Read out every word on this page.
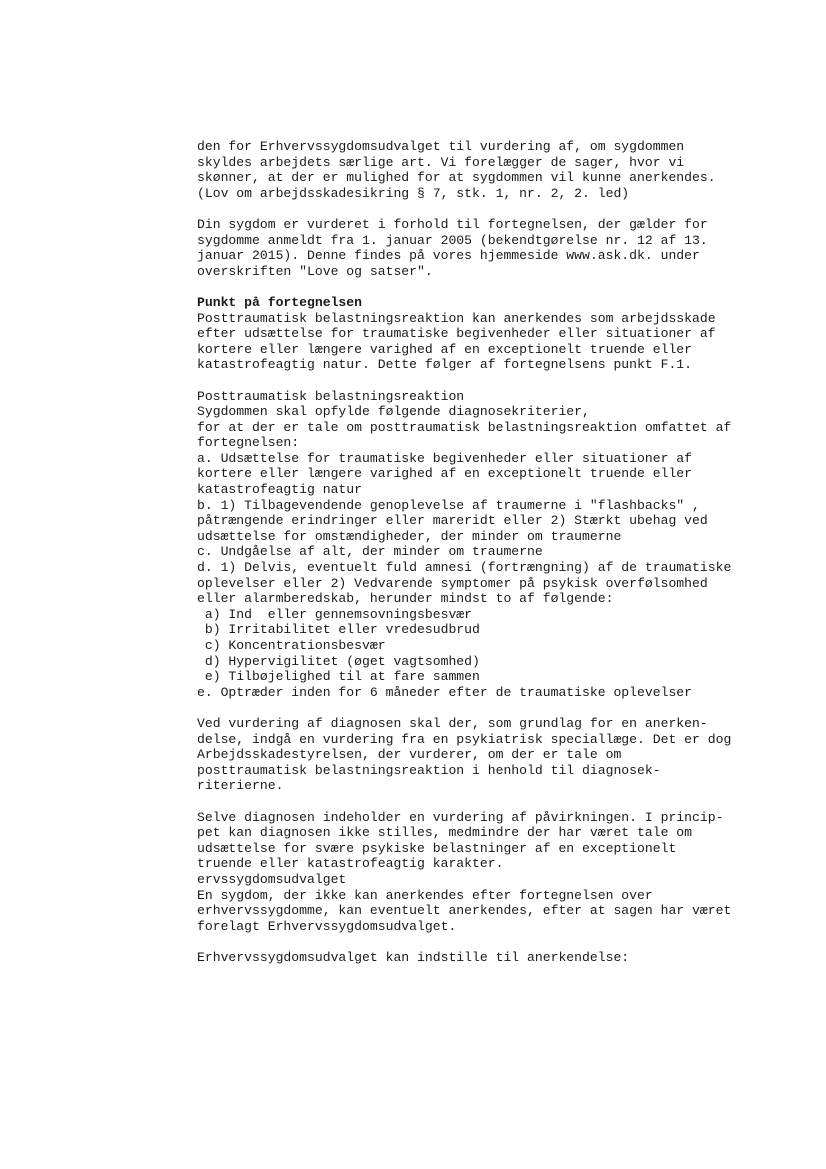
den for Erhvervssygdomsudvalget til vurdering af, om sygdommen
skyldes arbejdets særlige art. Vi forelægger de sager, hvor vi
skønner, at der er mulighed for at sygdommen vil kunne anerkendes.
(Lov om arbejdsskadesikring § 7, stk. 1, nr. 2, 2. led)
Din sygdom er vurderet i forhold til fortegnelsen, der gælder for
sygdomme anmeldt fra 1. januar 2005 (bekendtgørelse nr. 12 af 13.
januar 2015). Denne findes på vores hjemmeside www.ask.dk. under
overskriften "Love og satser".
Punkt på fortegnelsen
Posttraumatisk belastningsreaktion kan anerkendes som arbejdsskade
efter udsættelse for traumatiske begivenheder eller situationer af
kortere eller længere varighed af en exceptionelt truende eller
katastrofeagtig natur. Dette følger af fortegnelsens punkt F.1.
Posttraumatisk belastningsreaktion
Sygdommen skal opfylde følgende diagnosekriterier,
for at der er tale om posttraumatisk belastningsreaktion omfattet af
fortegnelsen:
a. Udsættelse for traumatiske begivenheder eller situationer af
kortere eller længere varighed af en exceptionelt truende eller
katastrofeagtig natur
b. 1) Tilbagevendende genoplevelse af traumerne i "flashbacks" ,
påtrængende erindringer eller mareridt eller 2) Stærkt ubehag ved
udsættelse for omstændigheder, der minder om traumerne
c. Undgåelse af alt, der minder om traumerne
d. 1) Delvis, eventuelt fuld amnesi (fortrængning) af de traumatiske
oplevelser eller 2) Vedvarende symptomer på psykisk overfølsomhed
eller alarmberedskab, herunder mindst to af følgende:
a) Ind  eller gennemsovningsbesvær
b) Irritabilitet eller vredesudbrud
c) Koncentrationsbesvær
d) Hypervigilitet (øget vagtsomhed)
e) Tilbøjelighed til at fare sammen
e. Optræder inden for 6 måneder efter de traumatiske oplevelser
Ved vurdering af diagnosen skal der, som grundlag for en anerken-
delse, indgå en vurdering fra en psykiatrisk speciallæge. Det er dog
Arbejdsskadestyrelsen, der vurderer, om der er tale om
posttraumatisk belastningsreaktion i henhold til diagnosek-
riterierne.
Selve diagnosen indeholder en vurdering af påvirkningen. I princip-
pet kan diagnosen ikke stilles, medmindre der har været tale om
udsættelse for svære psykiske belastninger af en exceptionelt
truende eller katastrofeagtig karakter.
ervssygdomsudvalget
En sygdom, der ikke kan anerkendes efter fortegnelsen over
erhvervssygdomme, kan eventuelt anerkendes, efter at sagen har været
forelagt Erhvervssygdomsudvalget.
Erhvervssygdomsudvalget kan indstille til anerkendelse:
